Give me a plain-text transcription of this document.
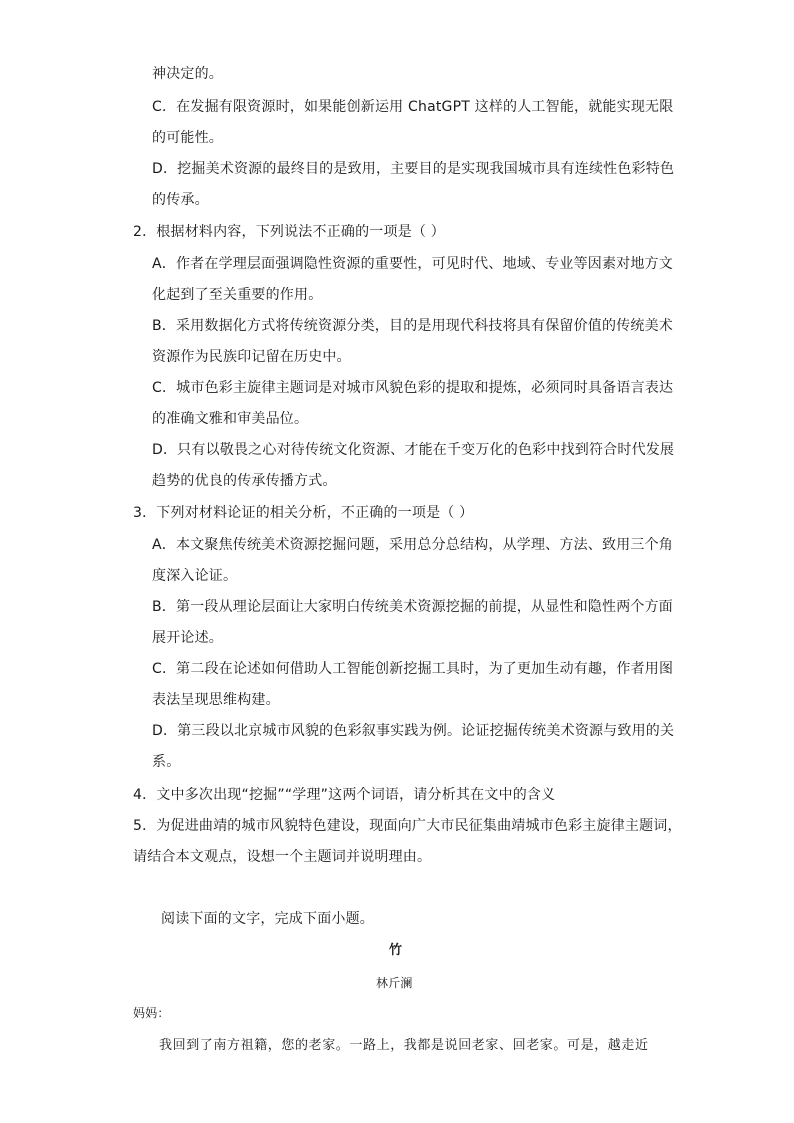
神决定的。
C．在发掘有限资源时，如果能创新运用 ChatGPT 这样的人工智能，就能实现无限
的可能性。
D．挖掘美术资源的最终目的是致用，主要目的是实现我国城市具有连续性色彩特色
的传承。
2．根据材料内容，下列说法不正确的一项是（ ）
A．作者在学理层面强调隐性资源的重要性，可见时代、地域、专业等因素对地方文
化起到了至关重要的作用。
B．采用数据化方式将传统资源分类，目的是用现代科技将具有保留价值的传统美术
资源作为民族印记留在历史中。
C．城市色彩主旋律主题词是对城市风貌色彩的提取和提炼，必须同时具备语言表达
的准确文雅和审美品位。
D．只有以敬畏之心对待传统文化资源、才能在千变万化的色彩中找到符合时代发展
趋势的优良的传承传播方式。
3．下列对材料论证的相关分析，不正确的一项是（ ）
A．本文聚焦传统美术资源挖掘问题，采用总分总结构，从学理、方法、致用三个角
度深入论证。
B．第一段从理论层面让大家明白传统美术资源挖掘的前提，从显性和隐性两个方面
展开论述。
C．第二段在论述如何借助人工智能创新挖掘工具时，为了更加生动有趣，作者用图
表法呈现思维构建。
D．第三段以北京城市风貌的色彩叙事实践为例。论证挖掘传统美术资源与致用的关
系。
4．文中多次出现“挖掘”“学理”这两个词语，请分析其在文中的含义
5．为促进曲靖的城市风貌特色建设，现面向广大市民征集曲靖城市色彩主旋律主题词，
请结合本文观点，设想一个主题词并说明理由。
阅读下面的文字，完成下面小题。
竹
林斤澜
妈妈：
我回到了南方祖籍，您的老家。一路上，我都是说回老家、回老家。可是，越走近
